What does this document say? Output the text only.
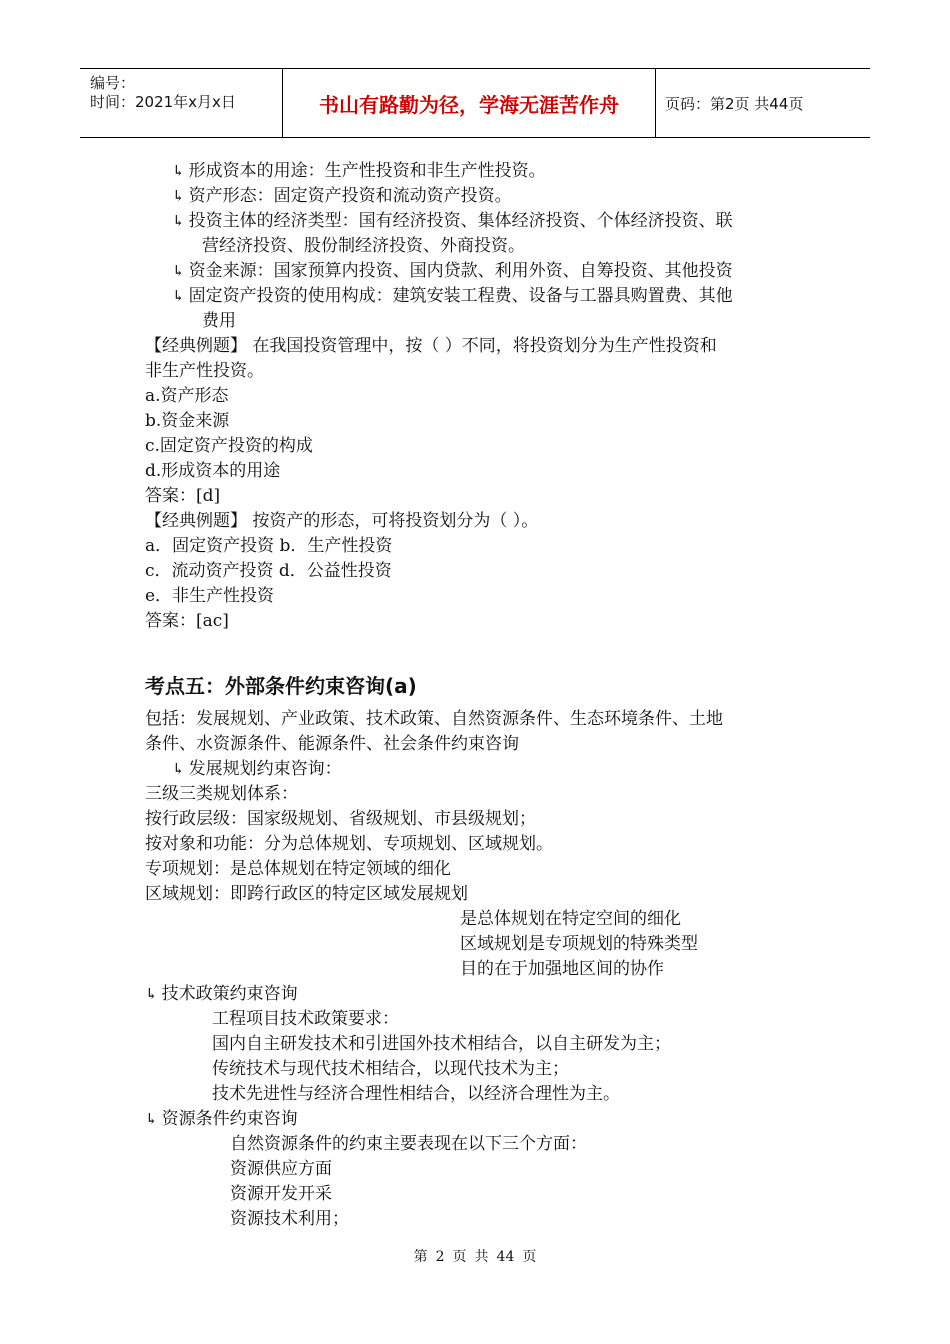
编号：
时间：2021年x月x日	书山有路勤为径，学海无涯苦作舟	页码：第2页 共44页
↳ 形成资本的用途：生产性投资和非生产性投资。
↳ 资产形态：固定资产投资和流动资产投资。
↳ 投资主体的经济类型：国有经济投资、集体经济投资、个体经济投资、联
营经济投资、股份制经济投资、外商投资。
↳ 资金来源：国家预算内投资、国内贷款、利用外资、自筹投资、其他投资
↳ 固定资产投资的使用构成：建筑安装工程费、设备与工器具购置费、其他
费用
【经典例题】 在我国投资管理中，按（ ）不同，将投资划分为生产性投资和
非生产性投资。
a.资产形态
b.资金来源
c.固定资产投资的构成
d.形成资本的用途
答案：[d]
【经典例题】 按资产的形态，可将投资划分为（ ）。
a．固定资产投资 b．生产性投资
c．流动资产投资 d．公益性投资
e．非生产性投资
答案：[ac]
考点五：外部条件约束咨询(a)
包括：发展规划、产业政策、技术政策、自然资源条件、生态环境条件、土地
条件、水资源条件、能源条件、社会条件约束咨询
↳ 发展规划约束咨询：
三级三类规划体系：
按行政层级：国家级规划、省级规划、市县级规划；
按对象和功能：分为总体规划、专项规划、区域规划。
专项规划：是总体规划在特定领域的细化
区域规划：即跨行政区的特定区域发展规划
是总体规划在特定空间的细化
区域规划是专项规划的特殊类型
目的在于加强地区间的协作
↳ 技术政策约束咨询
工程项目技术政策要求：
国内自主研发技术和引进国外技术相结合，以自主研发为主；
传统技术与现代技术相结合，以现代技术为主；
技术先进性与经济合理性相结合，以经济合理性为主。
↳ 资源条件约束咨询
自然资源条件的约束主要表现在以下三个方面：
资源供应方面
资源开发开采
资源技术利用；
第 2 页 共 44 页
